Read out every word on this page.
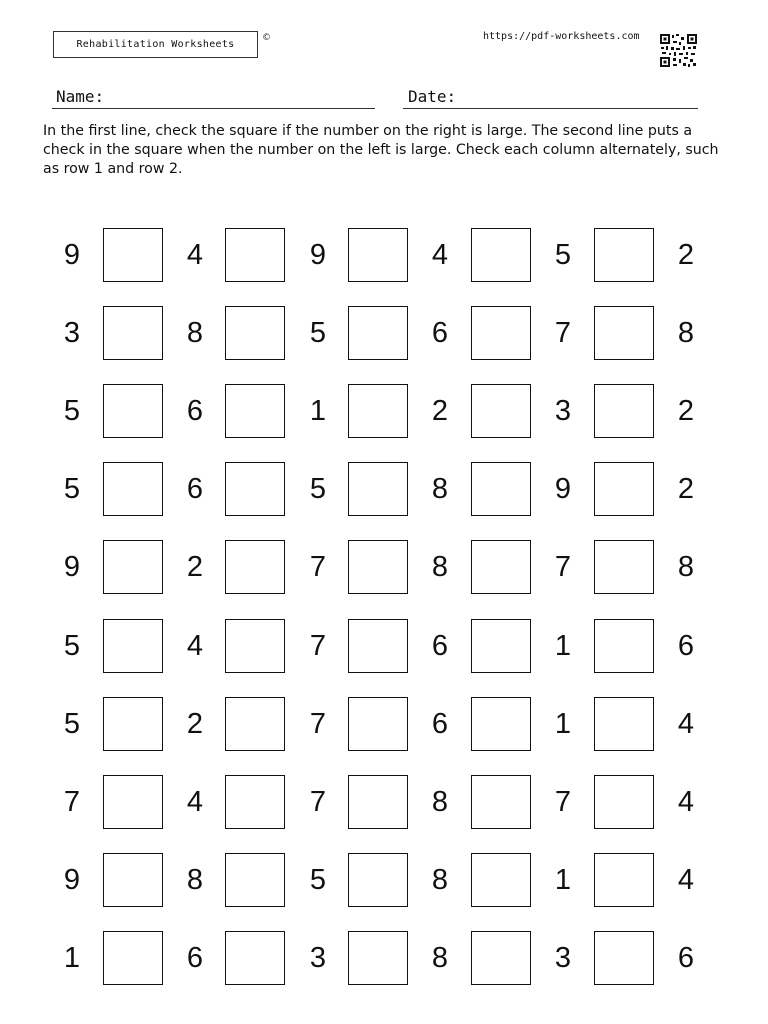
Rehabilitation Worksheets
©	https://pdf-worksheets.com
Name:	Date:

In the first line, check the square if the number on the right is large. The second line puts a check in the square when the number on the left is large. Check each column alternately, such as row 1 and row 2.

9	4	9	4	5	2
3	8	5	6	7	8
5	6	1	2	3	2
5	6	5	8	9	2
9	2	7	8	7	8
5	4	7	6	1	6
5	2	7	6	1	4
7	4	7	8	7	4
9	8	5	8	1	4
1	6	3	8	3	6
